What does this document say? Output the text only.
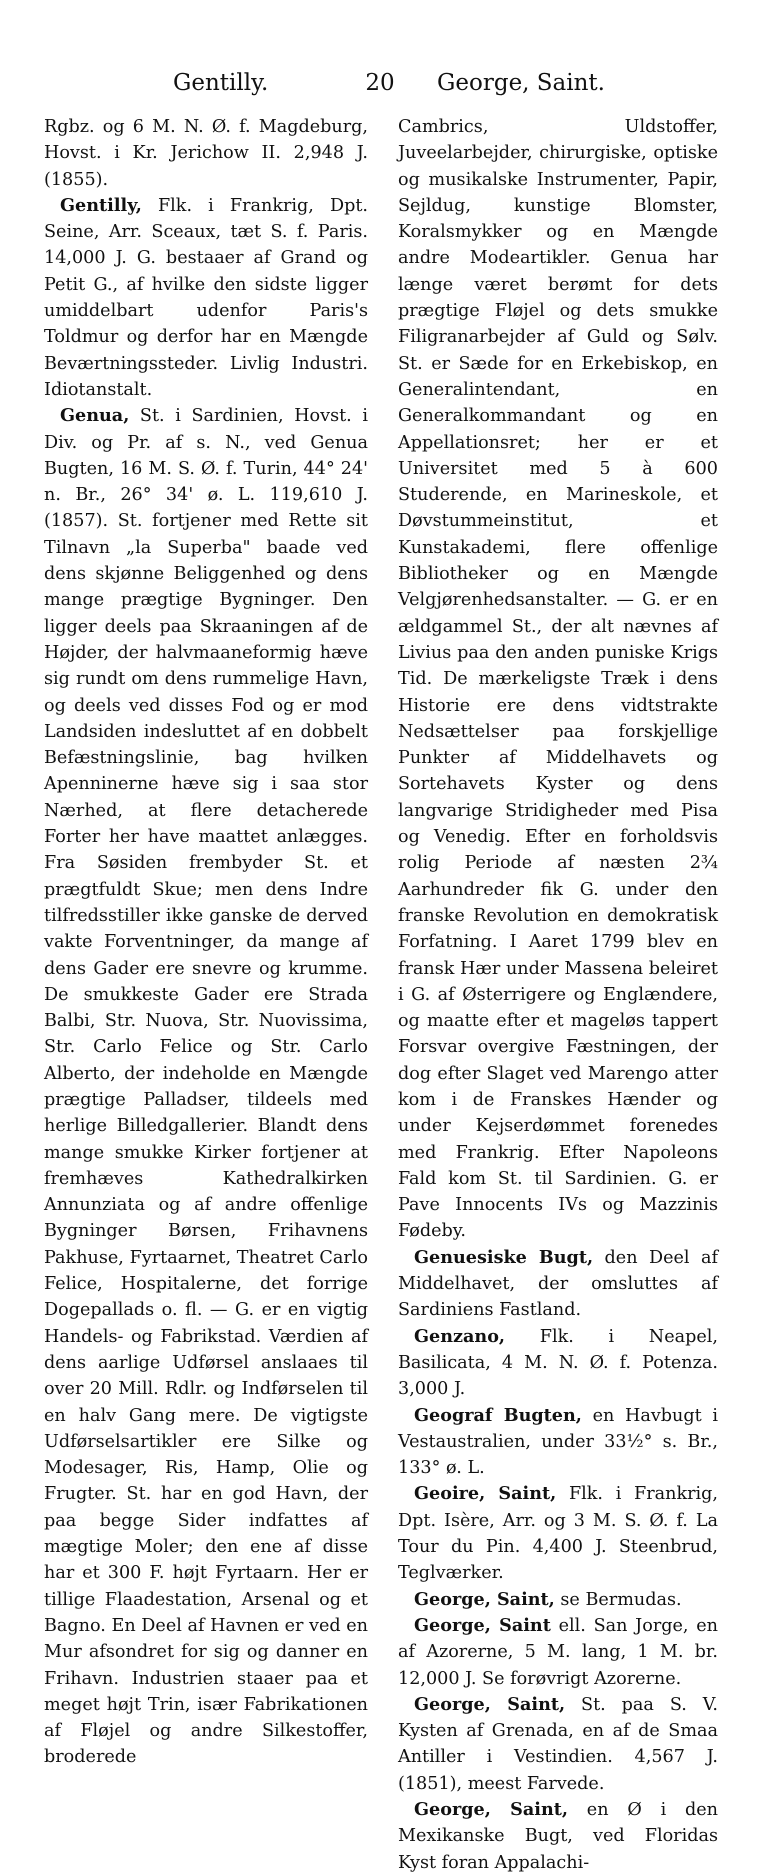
Gentilly.	20	George, Saint.

Rgbz. og 6 M. N. Ø. f. Magdeburg, Hovst. i Kr. Jerichow II. 2,948 J. (1855).

Gentilly, Flk. i Frankrig, Dpt. Seine, Arr. Sceaux, tæt S. f. Paris. 14,000 J. G. bestaaer af Grand og Petit G., af hvilke den sidste ligger umiddelbart udenfor Paris's Toldmur og derfor har en Mængde Beværtningssteder. Livlig Industri. Idiotanstalt.

Genua, St. i Sardinien, Hovst. i Div. og Pr. af s. N., ved Genua Bugten, 16 M. S. Ø. f. Turin, 44° 24' n. Br., 26° 34' ø. L. 119,610 J. (1857). St. fortjener med Rette sit Tilnavn „la Superba" baade ved dens skjønne Beliggenhed og dens mange prægtige Bygninger. Den ligger deels paa Skraaningen af de Højder, der halvmaaneformig hæve sig rundt om dens rummelige Havn, og deels ved disses Fod og er mod Landsiden indesluttet af en dobbelt Befæstningslinie, bag hvilken Apenninerne hæve sig i saa stor Nærhed, at flere detacherede Forter her have maattet anlægges. Fra Søsiden frembyder St. et prægtfuldt Skue; men dens Indre tilfredsstiller ikke ganske de derved vakte Forventninger, da mange af dens Gader ere snevre og krumme. De smukkeste Gader ere Strada Balbi, Str. Nuova, Str. Nuovissima, Str. Carlo Felice og Str. Carlo Alberto, der indeholde en Mængde prægtige Palladser, tildeels med herlige Billedgallerier. Blandt dens mange smukke Kirker fortjener at fremhæves Kathedralkirken Annunziata og af andre offenlige Bygninger Børsen, Frihavnens Pakhuse, Fyrtaarnet, Theatret Carlo Felice, Hospitalerne, det forrige Dogepallads o. fl. — G. er en vigtig Handels- og Fabrikstad. Værdien af dens aarlige Udførsel anslaaes til over 20 Mill. Rdlr. og Indførselen til en halv Gang mere. De vigtigste Udførselsartikler ere Silke og Modesager, Ris, Hamp, Olie og Frugter. St. har en god Havn, der paa begge Sider indfattes af mægtige Moler; den ene af disse har et 300 F. højt Fyrtaarn. Her er tillige Flaadestation, Arsenal og et Bagno. En Deel af Havnen er ved en Mur afsondret for sig og danner en Frihavn. Industrien staaer paa et meget højt Trin, især Fabrikationen af Fløjel og andre Silkestoffer, broderede

Cambrics, Uldstoffer, Juveelarbejder, chirurgiske, optiske og musikalske Instrumenter, Papir, Sejldug, kunstige Blomster, Koralsmykker og en Mængde andre Modeartikler. Genua har længe været berømt for dets prægtige Fløjel og dets smukke Filigranarbejder af Guld og Sølv. St. er Sæde for en Erkebiskop, en Generalintendant, en Generalkommandant og en Appellationsret; her er et Universitet med 5 à 600 Studerende, en Marineskole, et Døvstummeinstitut, et Kunstakademi, flere offenlige Bibliotheker og en Mængde Velgjørenhedsanstalter. — G. er en ældgammel St., der alt nævnes af Livius paa den anden puniske Krigs Tid. De mærkeligste Træk i dens Historie ere dens vidtstrakte Nedsættelser paa forskjellige Punkter af Middelhavets og Sortehavets Kyster og dens langvarige Stridigheder med Pisa og Venedig. Efter en forholdsvis rolig Periode af næsten 2¾ Aarhundreder fik G. under den franske Revolution en demokratisk Forfatning. I Aaret 1799 blev en fransk Hær under Massena beleiret i G. af Østerrigere og Englændere, og maatte efter et mageløs tappert Forsvar overgive Fæstningen, der dog efter Slaget ved Marengo atter kom i de Franskes Hænder og under Kejserdømmet forenedes med Frankrig. Efter Napoleons Fald kom St. til Sardinien. G. er Pave Innocents IVs og Mazzinis Fødeby.

Genuesiske Bugt, den Deel af Middelhavet, der omsluttes af Sardiniens Fastland.

Genzano, Flk. i Neapel, Basilicata, 4 M. N. Ø. f. Potenza. 3,000 J.

Geograf Bugten, en Havbugt i Vestaustralien, under 33½° s. Br., 133° ø. L.

Geoire, Saint, Flk. i Frankrig, Dpt. Isère, Arr. og 3 M. S. Ø. f. La Tour du Pin. 4,400 J. Steenbrud, Teglværker.

George, Saint, se Bermudas.

George, Saint ell. San Jorge, en af Azorerne, 5 M. lang, 1 M. br. 12,000 J. Se forøvrigt Azorerne.

George, Saint, St. paa S. V. Kysten af Grenada, en af de Smaa Antiller i Vestindien. 4,567 J. (1851), meest Farvede.

George, Saint, en Ø i den Mexikanske Bugt, ved Floridas Kyst foran Appalachi-
